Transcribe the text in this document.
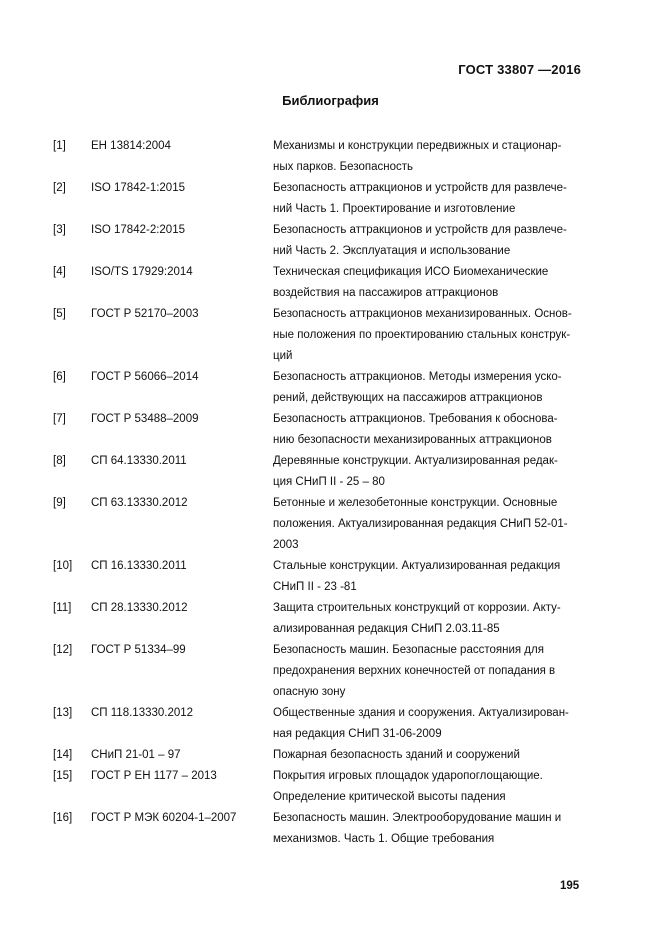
ГОСТ 33807 —2016
Библиография
[1]	ЕН 13814:2004	Механизмы и конструкции передвижных и стационар-
ных парков. Безопасность
[2]	ISO 17842-1:2015	Безопасность аттракционов и устройств для развлече-
ний Часть 1. Проектирование и изготовление
[3]	ISO 17842-2:2015	Безопасность аттракционов и устройств для развлече-
ний Часть 2. Эксплуатация и использование
[4]	ISO/TS 17929:2014	Техническая спецификация ИСО Биомеханические
воздействия на пассажиров аттракционов
[5]	ГОСТ Р 52170–2003	Безопасность аттракционов механизированных. Основ-
ные положения по проектированию стальных конструк-
ций
[6]	ГОСТ Р 56066–2014	Безопасность аттракционов. Методы измерения уско-
рений, действующих на пассажиров аттракционов
[7]	ГОСТ Р 53488–2009	Безопасность аттракционов. Требования к обоснова-
нию безопасности механизированных аттракционов
[8]	СП 64.13330.2011	Деревянные конструкции. Актуализированная редак-
ция СНиП II - 25 – 80
[9]	СП 63.13330.2012	Бетонные и железобетонные конструкции. Основные
положения. Актуализированная редакция СНиП 52-01-
2003
[10]	СП 16.13330.2011	Стальные конструкции. Актуализированная редакция
СНиП II - 23 -81
[11]	СП 28.13330.2012	Защита строительных конструкций от коррозии. Акту-
ализированная редакция СНиП 2.03.11-85
[12]	ГОСТ Р 51334–99	Безопасность машин. Безопасные расстояния для
предохранения верхних конечностей от попадания в
опасную зону
[13]	СП 118.13330.2012	Общественные здания и сооружения. Актуализирован-
ная редакция СНиП 31-06-2009
[14]	СНиП 21-01 – 97	Пожарная безопасность зданий и сооружений
[15]	ГОСТ Р ЕН 1177 – 2013	Покрытия игровых площадок ударопоглощающие.
Определение критической высоты падения
[16]	ГОСТ Р МЭК 60204-1–2007	Безопасность машин. Электрооборудование машин и
механизмов. Часть 1. Общие требования
195
